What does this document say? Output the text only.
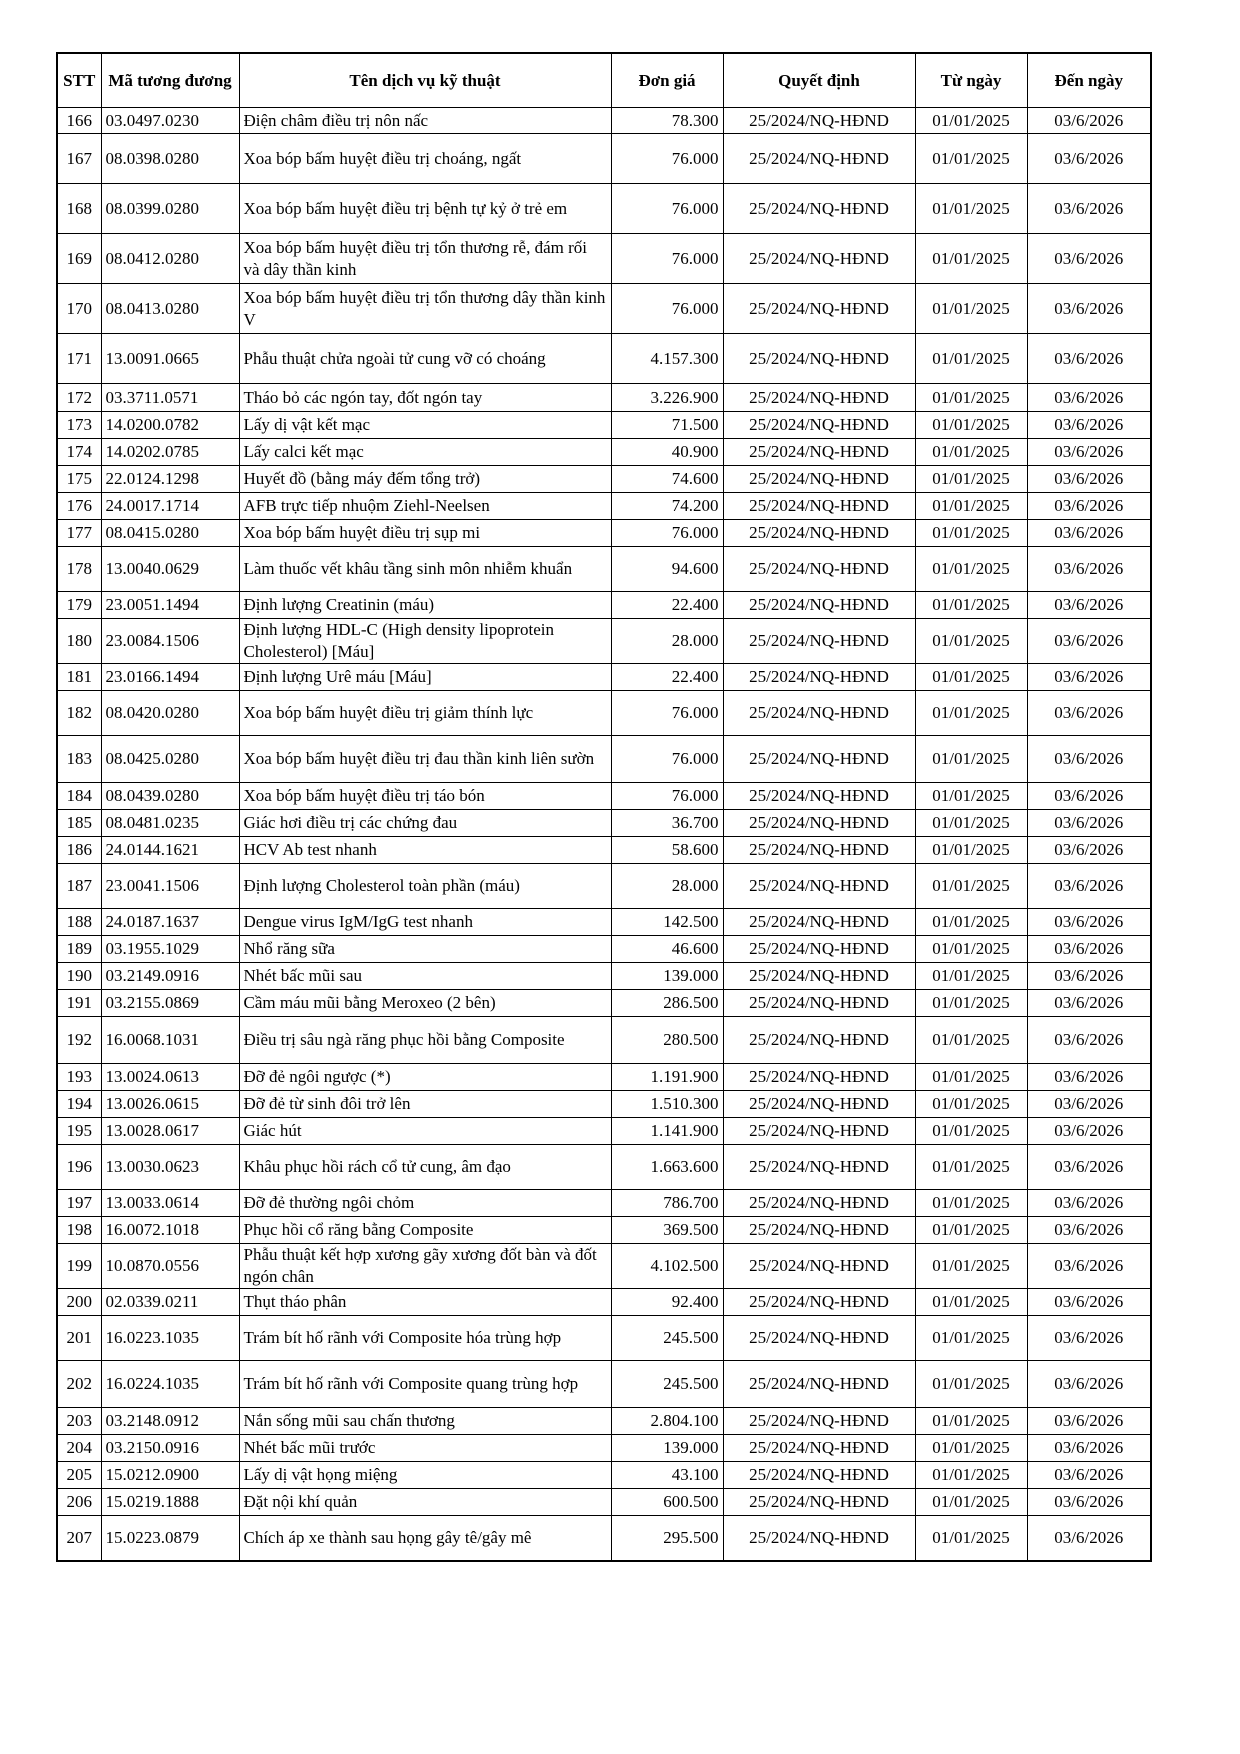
STT	Mã tương đương	Tên dịch vụ kỹ thuật	Đơn giá	Quyết định	Từ ngày	Đến ngày
166	03.0497.0230	Điện châm điều trị nôn nấc	78.300	25/2024/NQ-HĐND	01/01/2025	03/6/2026
167	08.0398.0280	Xoa bóp bấm huyệt điều trị choáng, ngất	76.000	25/2024/NQ-HĐND	01/01/2025	03/6/2026
168	08.0399.0280	Xoa bóp bấm huyệt điều trị bệnh tự kỷ ở trẻ em	76.000	25/2024/NQ-HĐND	01/01/2025	03/6/2026
169	08.0412.0280	Xoa bóp bấm huyệt điều trị tổn thương rễ, đám rối và dây thần kinh	76.000	25/2024/NQ-HĐND	01/01/2025	03/6/2026
170	08.0413.0280	Xoa bóp bấm huyệt điều trị tổn thương dây thần kinh V	76.000	25/2024/NQ-HĐND	01/01/2025	03/6/2026
171	13.0091.0665	Phẫu thuật chửa ngoài tử cung vỡ có choáng	4.157.300	25/2024/NQ-HĐND	01/01/2025	03/6/2026
172	03.3711.0571	Tháo bỏ các ngón tay, đốt ngón tay	3.226.900	25/2024/NQ-HĐND	01/01/2025	03/6/2026
173	14.0200.0782	Lấy dị vật kết mạc	71.500	25/2024/NQ-HĐND	01/01/2025	03/6/2026
174	14.0202.0785	Lấy calci kết mạc	40.900	25/2024/NQ-HĐND	01/01/2025	03/6/2026
175	22.0124.1298	Huyết đồ (bằng máy đếm tổng trở)	74.600	25/2024/NQ-HĐND	01/01/2025	03/6/2026
176	24.0017.1714	AFB trực tiếp nhuộm Ziehl-Neelsen	74.200	25/2024/NQ-HĐND	01/01/2025	03/6/2026
177	08.0415.0280	Xoa bóp bấm huyệt điều trị sụp mi	76.000	25/2024/NQ-HĐND	01/01/2025	03/6/2026
178	13.0040.0629	Làm thuốc vết khâu tầng sinh môn nhiễm khuẩn	94.600	25/2024/NQ-HĐND	01/01/2025	03/6/2026
179	23.0051.1494	Định lượng Creatinin (máu)	22.400	25/2024/NQ-HĐND	01/01/2025	03/6/2026
180	23.0084.1506	Định lượng HDL-C (High density lipoprotein Cholesterol) [Máu]	28.000	25/2024/NQ-HĐND	01/01/2025	03/6/2026
181	23.0166.1494	Định lượng Urê máu [Máu]	22.400	25/2024/NQ-HĐND	01/01/2025	03/6/2026
182	08.0420.0280	Xoa bóp bấm huyệt điều trị giảm thính lực	76.000	25/2024/NQ-HĐND	01/01/2025	03/6/2026
183	08.0425.0280	Xoa bóp bấm huyệt điều trị đau thần kinh liên sườn	76.000	25/2024/NQ-HĐND	01/01/2025	03/6/2026
184	08.0439.0280	Xoa bóp bấm huyệt điều trị táo bón	76.000	25/2024/NQ-HĐND	01/01/2025	03/6/2026
185	08.0481.0235	Giác hơi điều trị các chứng đau	36.700	25/2024/NQ-HĐND	01/01/2025	03/6/2026
186	24.0144.1621	HCV Ab test nhanh	58.600	25/2024/NQ-HĐND	01/01/2025	03/6/2026
187	23.0041.1506	Định lượng Cholesterol toàn phần (máu)	28.000	25/2024/NQ-HĐND	01/01/2025	03/6/2026
188	24.0187.1637	Dengue virus IgM/IgG test nhanh	142.500	25/2024/NQ-HĐND	01/01/2025	03/6/2026
189	03.1955.1029	Nhổ răng sữa	46.600	25/2024/NQ-HĐND	01/01/2025	03/6/2026
190	03.2149.0916	Nhét bấc mũi sau	139.000	25/2024/NQ-HĐND	01/01/2025	03/6/2026
191	03.2155.0869	Cầm máu mũi bằng Meroxeo (2 bên)	286.500	25/2024/NQ-HĐND	01/01/2025	03/6/2026
192	16.0068.1031	Điều trị sâu ngà răng phục hồi bằng Composite	280.500	25/2024/NQ-HĐND	01/01/2025	03/6/2026
193	13.0024.0613	Đỡ đẻ ngôi ngược (*)	1.191.900	25/2024/NQ-HĐND	01/01/2025	03/6/2026
194	13.0026.0615	Đỡ đẻ từ sinh đôi trở lên	1.510.300	25/2024/NQ-HĐND	01/01/2025	03/6/2026
195	13.0028.0617	Giác hút	1.141.900	25/2024/NQ-HĐND	01/01/2025	03/6/2026
196	13.0030.0623	Khâu phục hồi rách cổ tử cung, âm đạo	1.663.600	25/2024/NQ-HĐND	01/01/2025	03/6/2026
197	13.0033.0614	Đỡ đẻ thường ngôi chỏm	786.700	25/2024/NQ-HĐND	01/01/2025	03/6/2026
198	16.0072.1018	Phục hồi cổ răng bằng Composite	369.500	25/2024/NQ-HĐND	01/01/2025	03/6/2026
199	10.0870.0556	Phẫu thuật kết hợp xương gãy xương đốt bàn và đốt ngón chân	4.102.500	25/2024/NQ-HĐND	01/01/2025	03/6/2026
200	02.0339.0211	Thụt tháo phân	92.400	25/2024/NQ-HĐND	01/01/2025	03/6/2026
201	16.0223.1035	Trám bít hố rãnh với Composite hóa trùng hợp	245.500	25/2024/NQ-HĐND	01/01/2025	03/6/2026
202	16.0224.1035	Trám bít hố rãnh với Composite quang trùng hợp	245.500	25/2024/NQ-HĐND	01/01/2025	03/6/2026
203	03.2148.0912	Nắn sống mũi sau chấn thương	2.804.100	25/2024/NQ-HĐND	01/01/2025	03/6/2026
204	03.2150.0916	Nhét bấc mũi trước	139.000	25/2024/NQ-HĐND	01/01/2025	03/6/2026
205	15.0212.0900	Lấy dị vật họng miệng	43.100	25/2024/NQ-HĐND	01/01/2025	03/6/2026
206	15.0219.1888	Đặt nội khí quản	600.500	25/2024/NQ-HĐND	01/01/2025	03/6/2026
207	15.0223.0879	Chích áp xe thành sau họng gây tê/gây mê	295.500	25/2024/NQ-HĐND	01/01/2025	03/6/2026
